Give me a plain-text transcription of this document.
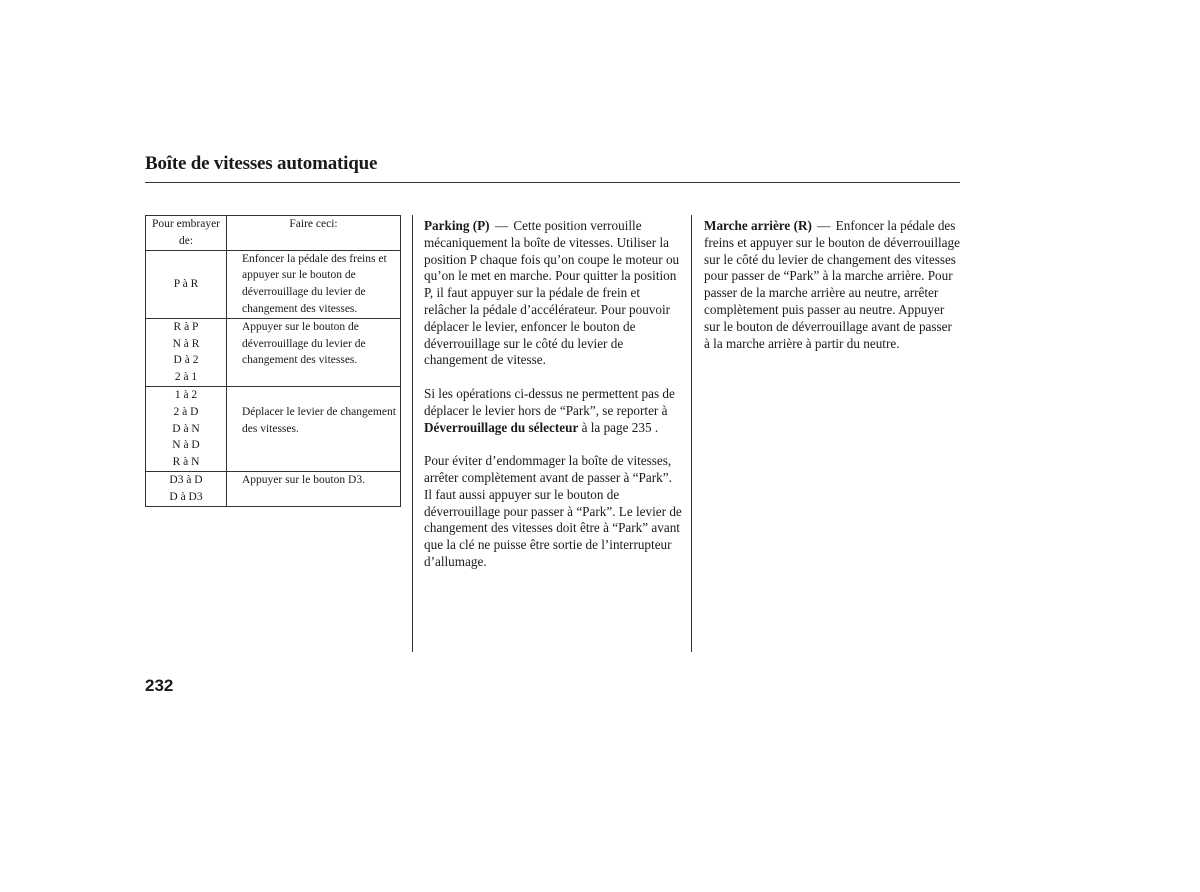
Boîte de vitesses automatique
Pour embrayer de:	Faire ceci:

P à R	Enfoncer la pédale des freins et appuyer sur le bouton de déverrouillage du levier de changement des vitesses.

R à P
N à R
D à 2
2 à 1	Appuyer sur le bouton de déverrouillage du levier de changement des vitesses.

1 à 2
2 à D
D à N
N à D
R à N	Déplacer le levier de changement des vitesses.

D3 à D
D à D3	Appuyer sur le bouton D3.

Parking (P) — Cette position verrouille mécaniquement la boîte de vitesses. Utiliser la position P chaque fois qu’on coupe le moteur ou qu’on le met en marche. Pour quitter la position P, il faut appuyer sur la pédale de frein et relâcher la pédale d’accélérateur. Pour pouvoir déplacer le levier, enfoncer le bouton de déverrouillage sur le côté du levier de changement de vitesse.

Si les opérations ci-dessus ne permettent pas de déplacer le levier hors de “Park”, se reporter à Déverrouillage du sélecteur à la page 235 .

Pour éviter d’endommager la boîte de vitesses, arrêter complètement avant de passer à “Park”. Il faut aussi appuyer sur le bouton de déverrouillage pour passer à “Park”. Le levier de changement des vitesses doit être à “Park” avant que la clé ne puisse être sortie de l’interrupteur d’allumage.

Marche arrière (R) — Enfoncer la pédale des freins et appuyer sur le bouton de déverrouillage sur le côté du levier de changement des vitesses pour passer de “Park” à la marche arrière. Pour passer de la marche arrière au neutre, arrêter complètement puis passer au neutre. Appuyer sur le bouton de déverrouillage avant de passer à la marche arrière à partir du neutre.

232
